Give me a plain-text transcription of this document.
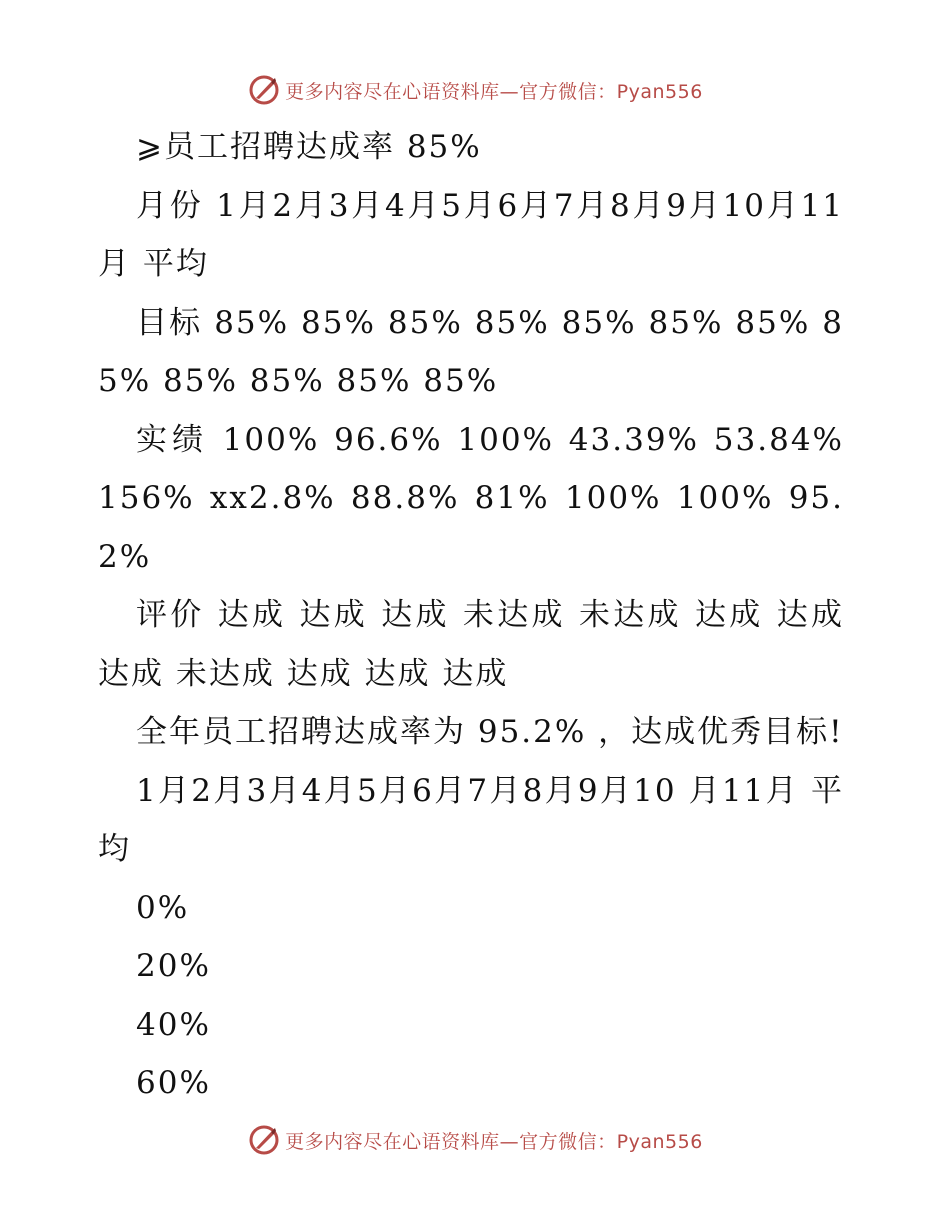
更多内容尽在心语资料库—官方微信：Pyan556

⩾员工招聘达成率 85%

月份 1月2月3月4月5月6月7月8月9月10月11 月 平均

目标 85% 85% 85% 85% 85% 85% 85% 85% 85% 85% 85% 85%

实绩 100% 96.6% 100% 43.39% 53.84% 156% xx2.8% 88.8% 81% 100% 100% 95.2%

评价 达成 达成 达成 未达成 未达成 达成 达成 达成 未达成 达成 达成 达成

全年员工招聘达成率为 95.2% ，达成优秀目标!

1月2月3月4月5月6月7月8月9月10 月11月 平均

0%

20%

40%

60%

更多内容尽在心语资料库—官方微信：Pyan556
